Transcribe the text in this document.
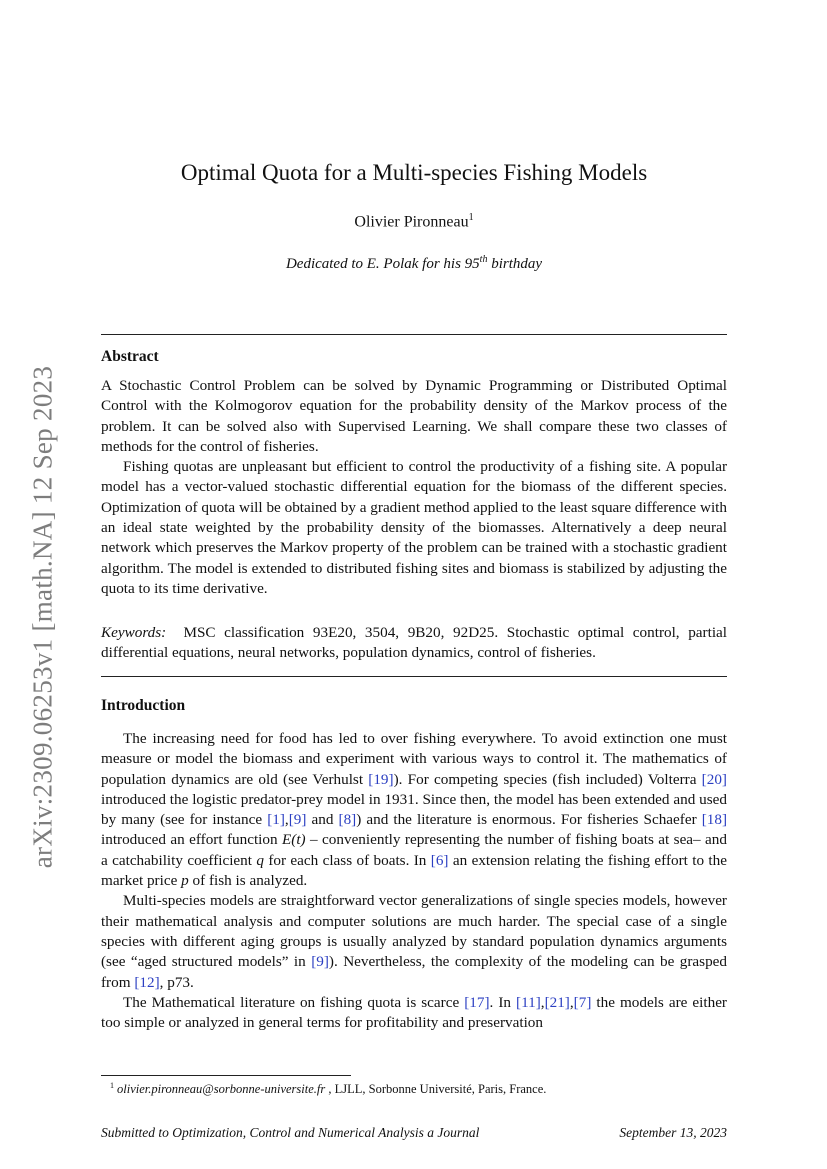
arXiv:2309.06253v1 [math.NA] 12 Sep 2023
Optimal Quota for a Multi-species Fishing Models
Olivier Pironneau$^1$
Dedicated to E. Polak for his 95th birthday
Abstract

A Stochastic Control Problem can be solved by Dynamic Programming or Distributed Optimal Control with the Kolmogorov equation for the probability density of the Markov process of the problem. It can be solved also with Supervised Learning. We shall compare these two classes of methods for the control of fisheries.

Fishing quotas are unpleasant but efficient to control the productivity of a fishing site. A popular model has a vector-valued stochastic differential equation for the biomass of the different species. Optimization of quota will be obtained by a gradient method applied to the least square difference with an ideal state weighted by the probability density of the biomasses. Alternatively a deep neural network which preserves the Markov property of the problem can be trained with a stochastic gradient algorithm. The model is extended to distributed fishing sites and biomass is stabilized by adjusting the quota to its time derivative.

Keywords: MSC classification 93E20, 3504, 9B20, 92D25. Stochastic optimal control, partial differential equations, neural networks, population dynamics, control of fisheries.

Introduction

The increasing need for food has led to over fishing everywhere. To avoid extinction one must measure or model the biomass and experiment with various ways to control it. The mathematics of population dynamics are old (see Verhulst [19]). For competing species (fish included) Volterra [20] introduced the logistic predator-prey model in 1931. Since then, the model has been extended and used by many (see for instance [1],[9] and [8]) and the literature is enormous. For fisheries Schaefer [18] introduced an effort function E(t) – conveniently representing the number of fishing boats at sea– and a catchability coefficient q for each class of boats. In [6] an extension relating the fishing effort to the market price p of fish is analyzed.

Multi-species models are straightforward vector generalizations of single species models, however their mathematical analysis and computer solutions are much harder. The special case of a single species with different aging groups is usually analyzed by standard population dynamics arguments (see “aged structured models” in [9]). Nevertheless, the complexity of the modeling can be grasped from [12], p73.

The Mathematical literature on fishing quota is scarce [17]. In [11],[21],[7] the models are either too simple or analyzed in general terms for profitability and preservation

$^1$ olivier.pironneau@sorbonne-universite.fr , LJLL, Sorbonne Université, Paris, France.
Submitted to Optimization, Control and Numerical Analysis a Journal	September 13, 2023
